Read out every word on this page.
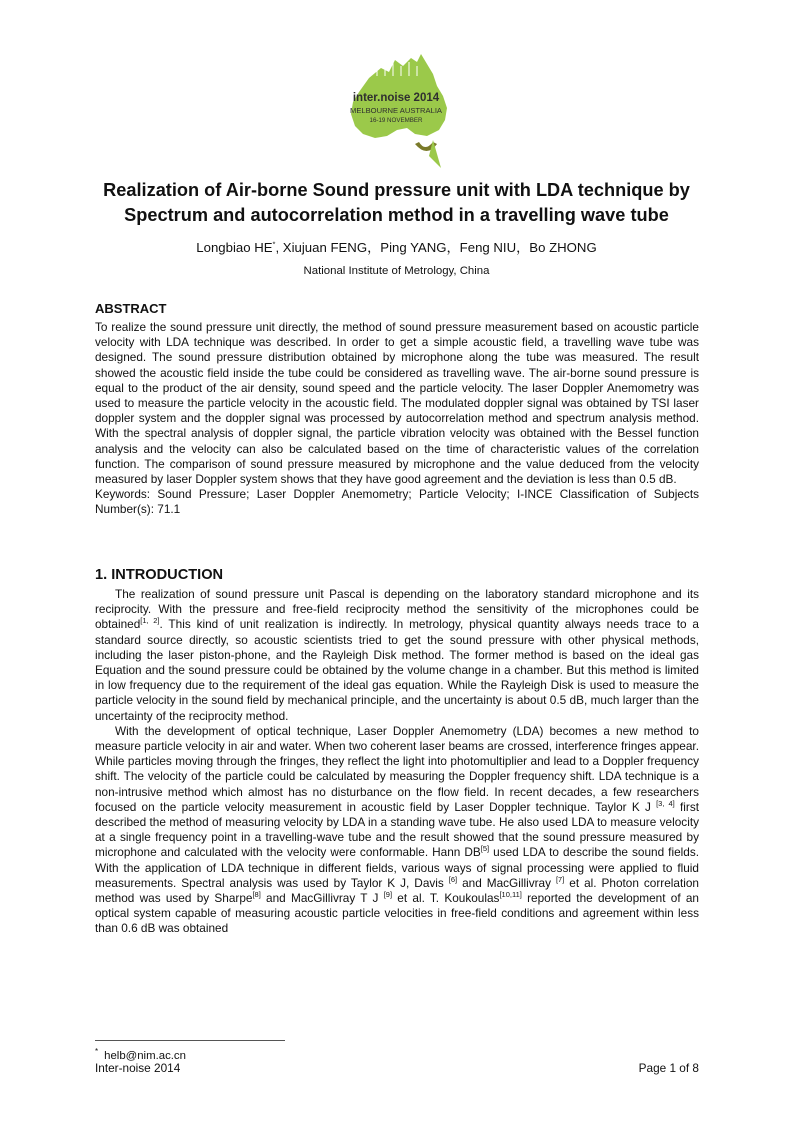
inter.noise 2014
MELBOURNE AUSTRALIA
16-19 NOVEMBER
Realization of Air-borne Sound pressure unit with LDA technique by
Spectrum and autocorrelation method in a travelling wave tube
Longbiao HE*, Xiujuan FENG，Ping YANG，Feng NIU，Bo ZHONG
National Institute of Metrology, China
ABSTRACT

To realize the sound pressure unit directly, the method of sound pressure measurement based on acoustic particle velocity with LDA technique was described. In order to get a simple acoustic field, a travelling wave tube was designed. The sound pressure distribution obtained by microphone along the tube was measured. The result showed the acoustic field inside the tube could be considered as travelling wave. The air-borne sound pressure is equal to the product of the air density, sound speed and the particle velocity. The laser Doppler Anemometry was used to measure the particle velocity in the acoustic field. The modulated doppler signal was obtained by TSI laser doppler system and the doppler signal was processed by autocorrelation method and spectrum analysis method. With the spectral analysis of doppler signal, the particle vibration velocity was obtained with the Bessel function analysis and the velocity can also be calculated based on the time of characteristic values of the correlation function. The comparison of sound pressure measured by microphone and the value deduced from the velocity measured by laser Doppler system shows that they have good agreement and the deviation is less than 0.5 dB.

Keywords: Sound Pressure; Laser Doppler Anemometry; Particle Velocity; I-INCE Classification of Subjects Number(s): 71.1

1. INTRODUCTION

The realization of sound pressure unit Pascal is depending on the laboratory standard microphone and its reciprocity. With the pressure and free-field reciprocity method the sensitivity of the microphones could be obtained[1, 2]. This kind of unit realization is indirectly. In metrology, physical quantity always needs trace to a standard source directly, so acoustic scientists tried to get the sound pressure with other physical methods, including the laser piston-phone, and the Rayleigh Disk method. The former method is based on the ideal gas Equation and the sound pressure could be obtained by the volume change in a chamber. But this method is limited in low frequency due to the requirement of the ideal gas equation. While the Rayleigh Disk is used to measure the particle velocity in the sound field by mechanical principle, and the uncertainty is about 0.5 dB, much larger than the uncertainty of the reciprocity method.

With the development of optical technique, Laser Doppler Anemometry (LDA) becomes a new method to measure particle velocity in air and water. When two coherent laser beams are crossed, interference fringes appear. While particles moving through the fringes, they reflect the light into photomultiplier and lead to a Doppler frequency shift. The velocity of the particle could be calculated by measuring the Doppler frequency shift. LDA technique is a non-intrusive method which almost has no disturbance on the flow field. In recent decades, a few researchers focused on the particle velocity measurement in acoustic field by Laser Doppler technique. Taylor K J [3, 4] first described the method of measuring velocity by LDA in a standing wave tube. He also used LDA to measure velocity at a single frequency point in a travelling-wave tube and the result showed that the sound pressure measured by microphone and calculated with the velocity were conformable. Hann DB[5] used LDA to describe the sound fields. With the application of LDA technique in different fields, various ways of signal processing were applied to fluid measurements. Spectral analysis was used by Taylor K J, Davis [6] and MacGillivray [7] et al. Photon correlation method was used by Sharpe[8] and MacGillivray T J [9] et al. T. Koukoulas[10,11] reported the development of an optical system capable of measuring acoustic particle velocities in free-field conditions and agreement within less than 0.6 dB was obtained

* helb@nim.ac.cn
Inter-noise 2014	Page 1 of 8
